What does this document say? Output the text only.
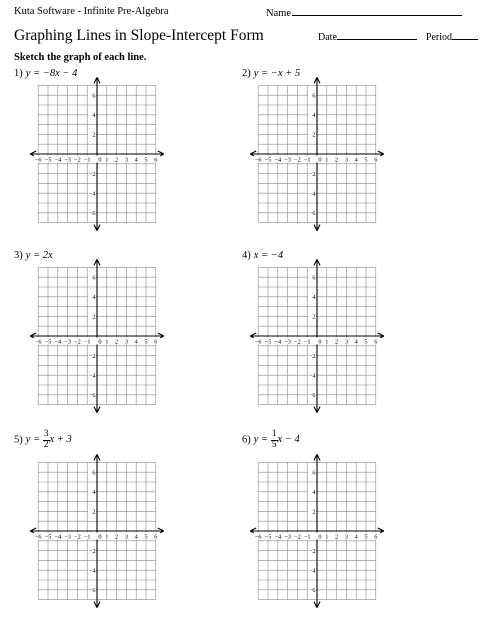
Kuta Software - Infinite Pre-Algebra	Name
Graphing Lines in Slope-Intercept Form	Date	Period
Sketch the graph of each line.
1) y = −8x − 4
−6 −5 −4 −3 −2 −1 0 1 2 3 4 5 6
6
4
2
−2
−4
−6
2) y = −x + 5
−6 −5 −4 −3 −2 −1 0 1 2 3 4 5 6
6
4
2
−2
−4
−6
3) y = 2x
−6 −5 −4 −3 −2 −1 0 1 2 3 4 5 6
6
4
2
−2
−4
−6
4) x = −4
−6 −5 −4 −3 −2 −1 0 1 2 3 4 5 6
6
4
2
−2
−4
−6
5) $y = \frac{3}{2}$ x + 3
−6 −5 −4 −3 −2 −1 0 1 2 3 4 5 6
6
4
2
−2
−4
−6
6) $y = \frac{1}{5}$ x − 4
−6 −5 −4 −3 −2 −1 0 1 2 3 4 5 6
6
4
2
−2
−4
−6
